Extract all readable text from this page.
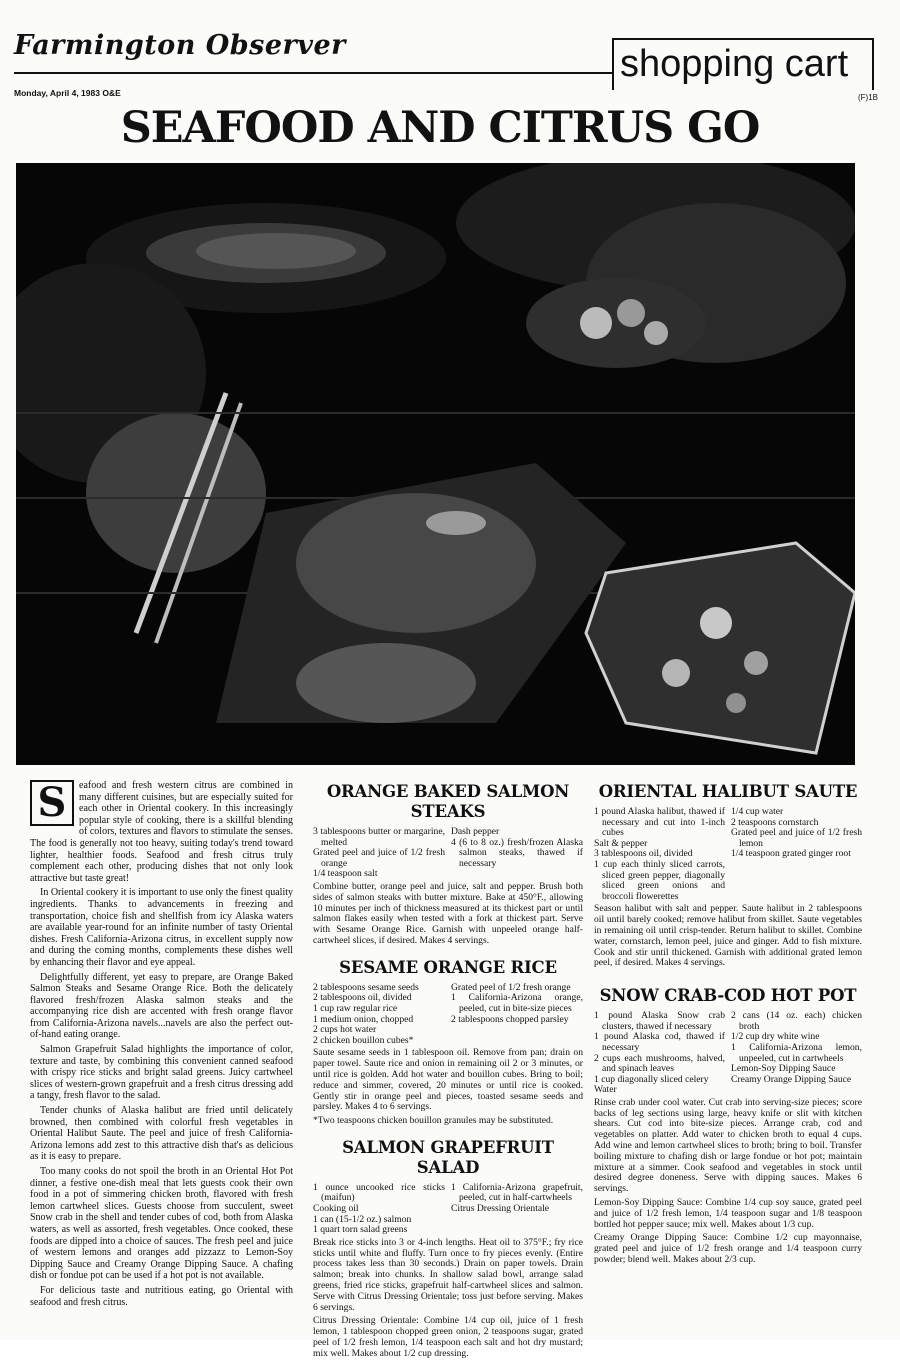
Farmington Observer	shopping cart
Monday, April 4, 1983 O&E	(F)1B
SEAFOOD AND CITRUS GO

S	eafood and fresh western citrus are combined in many different cuisines, but are especially suited for each other in Oriental cookery. In this increasingly popular style of cooking, there is a skillful blending of colors, textures and flavors to stimulate the senses. The food is generally not too heavy, suiting today's trend toward lighter, healthier foods. Seafood and fresh citrus truly complement each other, producing dishes that not only look attractive but taste great!

In Oriental cookery it is important to use only the finest quality ingredients. Thanks to advancements in freezing and transportation, choice fish and shellfish from icy Alaska waters are available year-round for an infinite number of tasty Oriental dishes. Fresh California-Arizona citrus, in excellent supply now and during the coming months, complements these dishes well by enhancing their flavor and eye appeal.

Delightfully different, yet easy to prepare, are Orange Baked Salmon Steaks and Sesame Orange Rice. Both the delicately flavored fresh/frozen Alaska salmon steaks and the accompanying rice dish are accented with fresh orange flavor from California-Arizona navels...navels are also the perfect out-of-hand eating orange.

Salmon Grapefruit Salad highlights the importance of color, texture and taste, by combining this convenient canned seafood with crispy rice sticks and bright salad greens. Juicy cartwheel slices of western-grown grapefruit and a fresh citrus dressing add a tangy, fresh flavor to the salad.

Tender chunks of Alaska halibut are fried until delicately browned, then combined with colorful fresh vegetables in Oriental Halibut Saute. The peel and juice of fresh California-Arizona lemons add zest to this attractive dish that's as delicious as it is easy to prepare.

Too many cooks do not spoil the broth in an Oriental Hot Pot dinner, a festive one-dish meal that lets guests cook their own food in a pot of simmering chicken broth, flavored with fresh lemon cartwheel slices. Guests choose from succulent, sweet Snow crab in the shell and tender cubes of cod, both from Alaska waters, as well as assorted, fresh vegetables. Once cooked, these foods are dipped into a choice of sauces. The fresh peel and juice of western lemons and oranges add pizzazz to Lemon-Soy Dipping Sauce and Creamy Orange Dipping Sauce. A chafing dish or fondue pot can be used if a hot pot is not available.

For delicious taste and nutritious eating, go Oriental with seafood and fresh citrus.

ORANGE BAKED SALMON STEAKS
3 tablespoons butter or margarine, melted
Grated peel and juice of 1/2 fresh orange
1/4 teaspoon salt
Dash pepper
4 (6 to 8 oz.) fresh/frozen Alaska salmon steaks, thawed if necessary
Combine butter, orange peel and juice, salt and pepper. Brush both sides of salmon steaks with butter mixture. Bake at 450°F., allowing 10 minutes per inch of thickness measured at its thickest part or until salmon flakes easily when tested with a fork at thickest part. Serve with Sesame Orange Rice. Garnish with unpeeled orange half-cartwheel slices, if desired. Makes 4 servings.
SESAME ORANGE RICE
2 tablespoons sesame seeds
2 tablespoons oil, divided
1 cup raw regular rice
1 medium onion, chopped
2 cups hot water
2 chicken bouillon cubes*
Grated peel of 1/2 fresh orange
1 California-Arizona orange, peeled, cut in bite-size pieces
2 tablespoons chopped parsley
Saute sesame seeds in 1 tablespoon oil. Remove from pan; drain on paper towel. Saute rice and onion in remaining oil 2 or 3 minutes, or until rice is golden. Add hot water and bouillon cubes. Bring to boil; reduce and simmer, covered, 20 minutes or until rice is cooked. Gently stir in orange peel and pieces, toasted sesame seeds and parsley. Makes 4 to 6 servings.
*Two teaspoons chicken bouillon granules may be substituted.
SALMON GRAPEFRUIT SALAD
1 ounce uncooked rice sticks (maifun)
Cooking oil
1 can (15-1/2 oz.) salmon
1 quart torn salad greens
1 California-Arizona grapefruit, peeled, cut in half-cartwheels
Citrus Dressing Orientale
Break rice sticks into 3 or 4-inch lengths. Heat oil to 375°F.; fry rice sticks until white and fluffy. Turn once to fry pieces evenly. (Entire process takes less than 30 seconds.) Drain on paper towels. Drain salmon; break into chunks. In shallow salad bowl, arrange salad greens, fried rice sticks, grapefruit half-cartwheel slices and salmon. Serve with Citrus Dressing Orientale; toss just before serving. Makes 6 servings.
Citrus Dressing Orientale: Combine 1/4 cup oil, juice of 1 fresh lemon, 1 tablespoon chopped green onion, 2 teaspoons sugar, grated peel of 1/2 fresh lemon, 1/4 teaspoon each salt and hot dry mustard; mix well. Makes about 1/2 cup dressing.
ORIENTAL HALIBUT SAUTE
1 pound Alaska halibut, thawed if necessary and cut into 1-inch cubes
Salt & pepper
3 tablespoons oil, divided
1 cup each thinly sliced carrots, sliced green pepper, diagonally sliced green onions and broccoli flowerettes
1/4 cup water
2 teaspoons cornstarch
Grated peel and juice of 1/2 fresh lemon
1/4 teaspoon grated ginger root
Season halibut with salt and pepper. Saute halibut in 2 tablespoons oil until barely cooked; remove halibut from skillet. Saute vegetables in remaining oil until crisp-tender. Return halibut to skillet. Combine water, cornstarch, lemon peel, juice and ginger. Add to fish mixture. Cook and stir until thickened. Garnish with additional grated lemon peel, if desired. Makes 4 servings.
SNOW CRAB-COD HOT POT
1 pound Alaska Snow crab clusters, thawed if necessary
1 pound Alaska cod, thawed if necessary
2 cups each mushrooms, halved, and spinach leaves
1 cup diagonally sliced celery
Water
2 cans (14 oz. each) chicken broth
1/2 cup dry white wine
1 California-Arizona lemon, unpeeled, cut in cartwheels
Lemon-Soy Dipping Sauce
Creamy Orange Dipping Sauce
Rinse crab under cool water. Cut crab into serving-size pieces; score backs of leg sections using large, heavy knife or slit with kitchen shears. Cut cod into bite-size pieces. Arrange crab, cod and vegetables on platter. Add water to chicken broth to equal 4 cups. Add wine and lemon cartwheel slices to broth; bring to boil. Transfer boiling mixture to chafing dish or large fondue or hot pot; maintain mixture at a simmer. Cook seafood and vegetables in stock until desired degree doneness. Serve with dipping sauces. Makes 6 servings.
Lemon-Soy Dipping Sauce: Combine 1/4 cup soy sauce, grated peel and juice of 1/2 fresh lemon, 1/4 teaspoon sugar and 1/8 teaspoon bottled hot pepper sauce; mix well. Makes about 1/3 cup.
Creamy Orange Dipping Sauce: Combine 1/2 cup mayonnaise, grated peel and juice of 1/2 fresh orange and 1/4 teaspoon curry powder; blend well. Makes about 2/3 cup.
